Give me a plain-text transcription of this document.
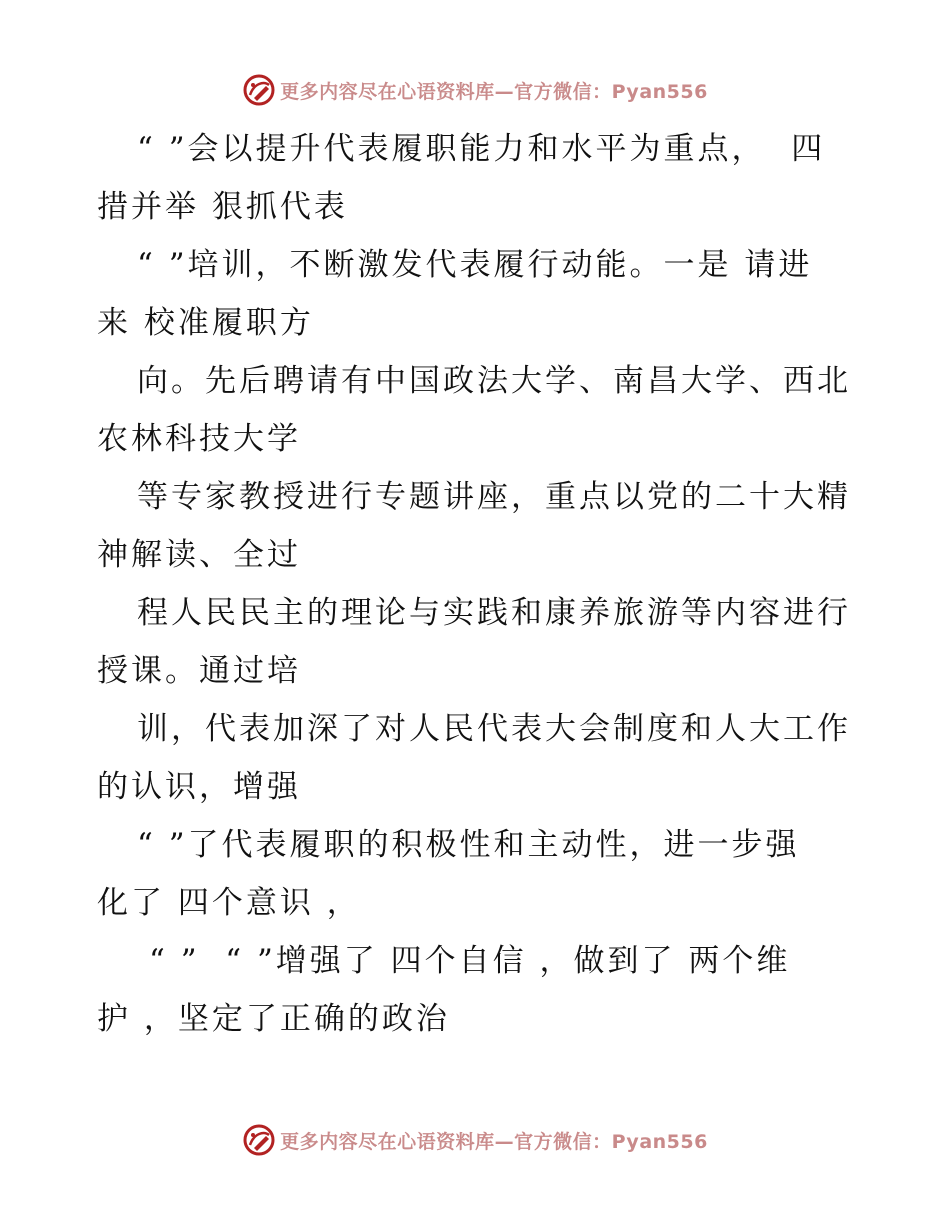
更多内容尽在心语资料库—官方微信：Pyan556
“ ”会以提升代表履职能力和水平为重点，  四
措并举 狠抓代表
“ ”培训，不断激发代表履行动能。一是 请进
来 校准履职方
向。先后聘请有中国政法大学、南昌大学、西北
农林科技大学
等专家教授进行专题讲座，重点以党的二十大精
神解读、全过
程人民民主的理论与实践和康养旅游等内容进行
授课。通过培
训，代表加深了对人民代表大会制度和人大工作
的认识，增强
“ ”了代表履职的积极性和主动性，进一步强
化了 四个意识 ，
“ ”  “ ”增强了 四个自信 ，做到了 两个维
护 ，坚定了正确的政治
更多内容尽在心语资料库—官方微信：Pyan556
